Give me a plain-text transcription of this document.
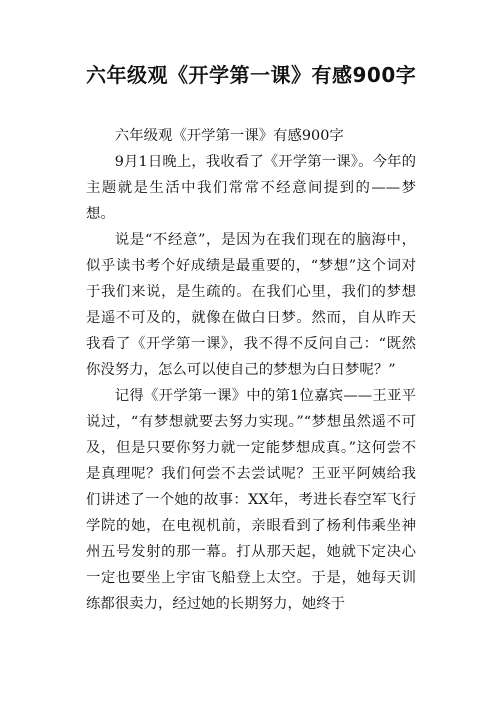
六年级观《开学第一课》有感900字

六年级观《开学第一课》有感900字

9月1日晚上，我收看了《开学第一课》。今年的主题就是生活中我们常常不经意间提到的——梦想。

说是“不经意”，是因为在我们现在的脑海中，似乎读书考个好成绩是最重要的，“梦想”这个词对于我们来说，是生疏的。在我们心里，我们的梦想是遥不可及的，就像在做白日梦。然而，自从昨天我看了《开学第一课》，我不得不反问自己：“既然你没努力，怎么可以使自己的梦想为白日梦呢？”

记得《开学第一课》中的第1位嘉宾——王亚平说过，“有梦想就要去努力实现。”“梦想虽然遥不可及，但是只要你努力就一定能梦想成真。”这何尝不是真理呢？我们何尝不去尝试呢？王亚平阿姨给我们讲述了一个她的故事：XX年，考进长春空军飞行学院的她，在电视机前，亲眼看到了杨利伟乘坐神州五号发射的那一幕。打从那天起，她就下定决心一定也要坐上宇宙飞船登上太空。于是，她每天训练都很卖力，经过她的长期努力，她终于
